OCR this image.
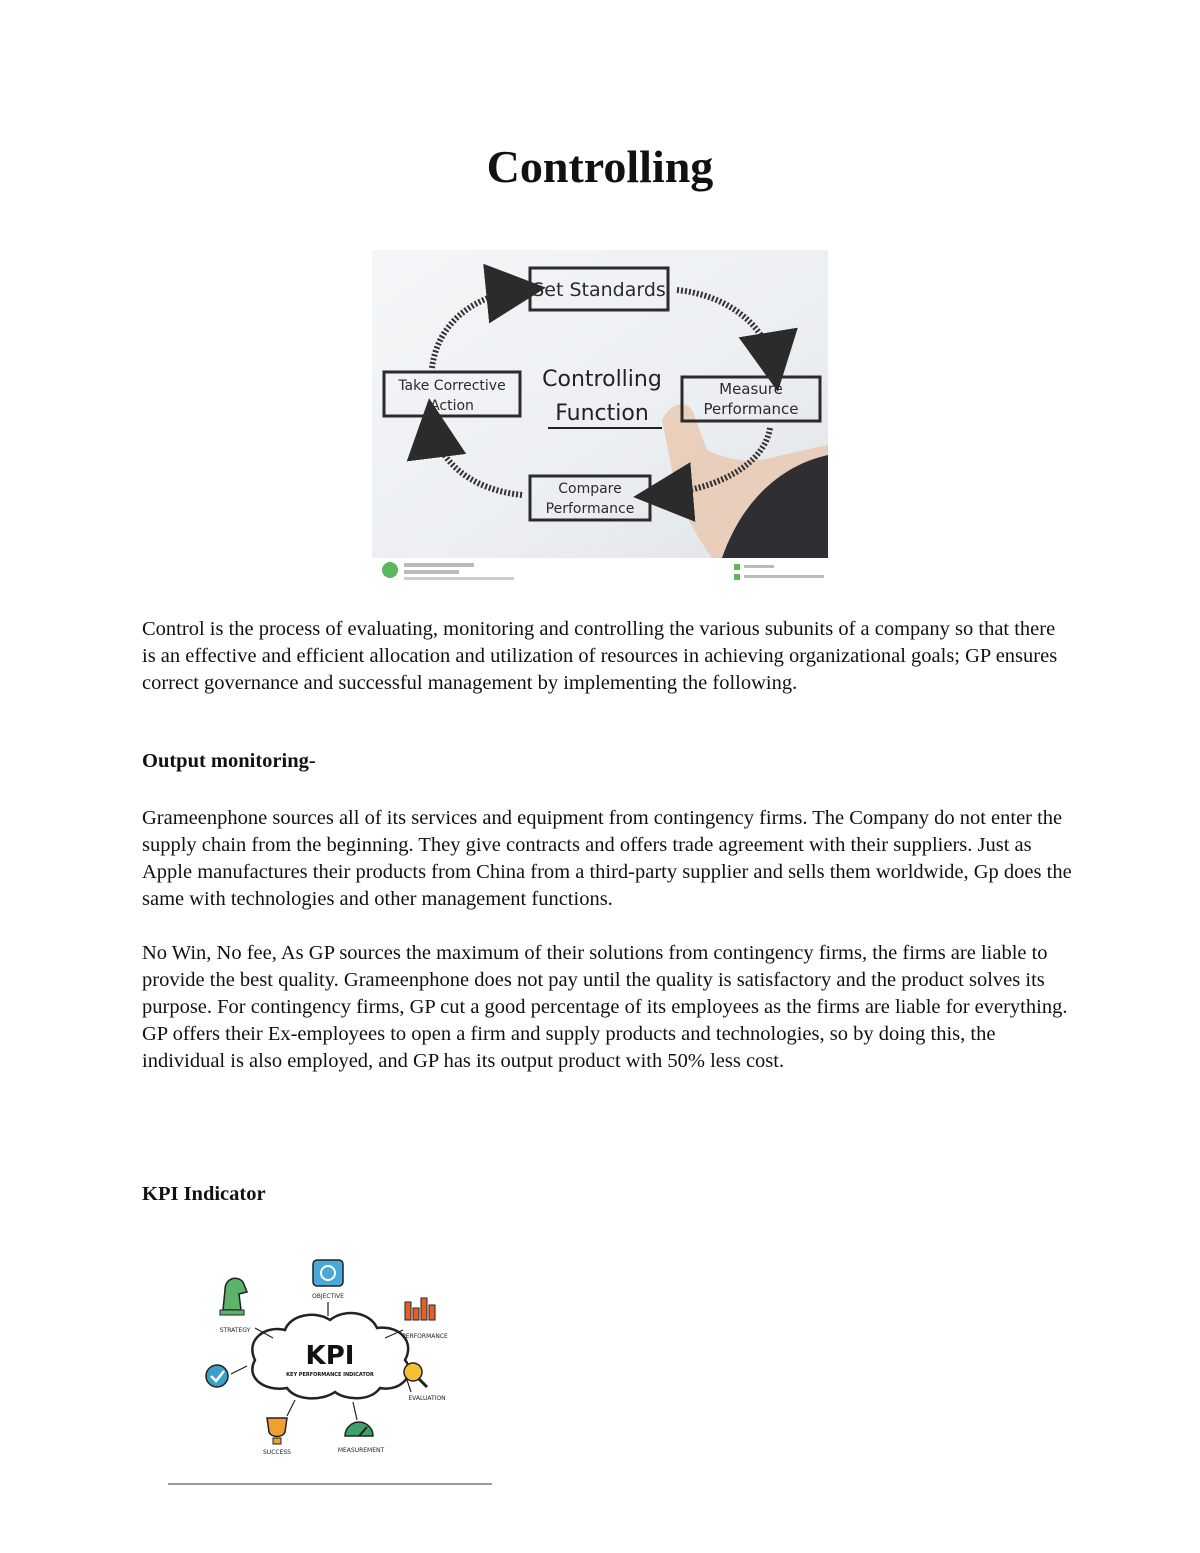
Controlling
Set Standards
Measure
Performance
Compare
Performance
Take Corrective
Action
Controlling
Function

Control is the process of evaluating, monitoring and controlling the various subunits of a company so that there is an effective and efficient allocation and utilization of resources in achieving organizational goals; GP ensures correct governance and successful management by implementing the following.

Output monitoring-

Grameenphone sources all of its services and equipment from contingency firms. The Company do not enter the supply chain from the beginning. They give contracts and offers trade agreement with their suppliers. Just as Apple manufactures their products from China from a third-party supplier and sells them worldwide, Gp does the same with technologies and other management functions.

No Win, No fee, As GP sources the maximum of their solutions from contingency firms, the firms are liable to provide the best quality. Grameenphone does not pay until the quality is satisfactory and the product solves its purpose. For contingency firms, GP cut a good percentage of its employees as the firms are liable for everything. GP offers their Ex-employees to open a firm and supply products and technologies, so by doing this, the individual is also employed, and GP has its output product with 50% less cost.

KPI Indicator
KPI
KEY PERFORMANCE INDICATOR
OBJECTIVE
PERFORMANCE
EVALUATION
MEASUREMENT
SUCCESS
STRATEGY
